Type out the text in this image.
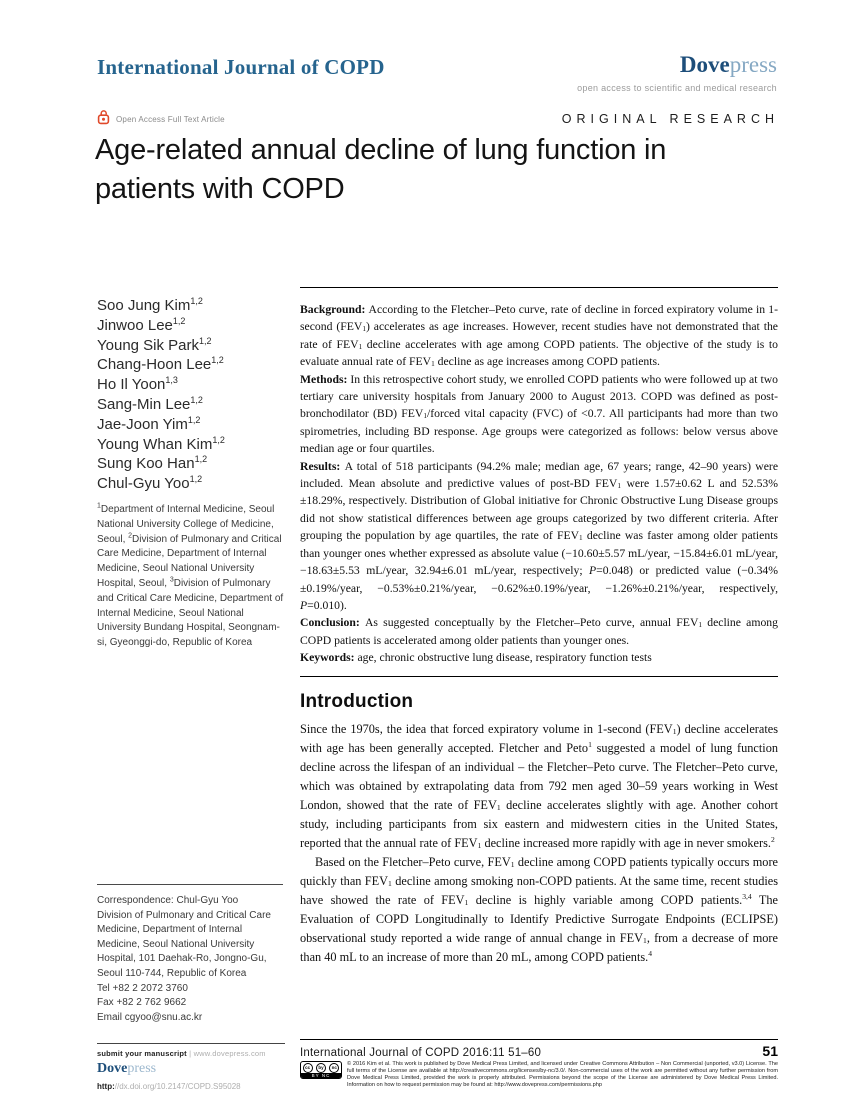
International Journal of COPD	Dovepress
open access to scientific and medical research
Open Access Full Text Article	ORIGINAL RESEARCH
Age-related annual decline of lung function in patients with COPD
Soo Jung Kim$^{1,2}$
Jinwoo Lee$^{1,2}$
Young Sik Park$^{1,2}$
Chang-Hoon Lee$^{1,2}$
Ho Il Yoon$^{1,3}$
Sang-Min Lee$^{1,2}$
Jae-Joon Yim$^{1,2}$
Young Whan Kim$^{1,2}$
Sung Koo Han$^{1,2}$
Chul-Gyu Yoo$^{1,2}$

$^1$Department of Internal Medicine, Seoul National University College of Medicine, Seoul, $^2$Division of Pulmonary and Critical Care Medicine, Department of Internal Medicine, Seoul National University Hospital, Seoul, $^3$Division of Pulmonary and Critical Care Medicine, Department of Internal Medicine, Seoul National University Bundang Hospital, Seongnam-si, Gyeonggi-do, Republic of Korea

Correspondence: Chul-Gyu Yoo
Division of Pulmonary and Critical Care Medicine, Department of Internal Medicine, Seoul National University Hospital, 101 Daehak-Ro, Jongno-Gu, Seoul 110-744, Republic of Korea
Tel +82 2 2072 3760
Fax +82 2 762 9662
Email cgyoo@snu.ac.kr

Background: According to the Fletcher–Peto curve, rate of decline in forced expiratory volume in 1-second $(FEV_1)$ accelerates as age increases. However, recent studies have not demonstrated that the rate of $FEV_1$ decline accelerates with age among COPD patients. The objective of the study is to evaluate annual rate of $FEV_1$ decline as age increases among COPD patients.

Methods: In this retrospective cohort study, we enrolled COPD patients who were followed up at two tertiary care university hospitals from January 2000 to August 2013. COPD was defined as post-bronchodilator (BD) $FEV_1$/forced vital capacity (FVC) of <0.7. All participants had more than two spirometries, including BD response. Age groups were categorized as follows: below versus above median age or four quartiles.

Results: A total of 518 participants (94.2% male; median age, 67 years; range, 42–90 years) were included. Mean absolute and predictive values of post-BD $FEV_1$ were 1.57±0.62 L and 52.53%±18.29%, respectively. Distribution of Global initiative for Chronic Obstructive Lung Disease groups did not show statistical differences between age groups categorized by two different criteria. After grouping the population by age quartiles, the rate of $FEV_1$ decline was faster among older patients than younger ones whether expressed as absolute value (−10.60±5.57 mL/year, −15.84±6.01 mL/year, −18.63±5.53 mL/year, 32.94±6.01 mL/year, respectively; P=0.048) or predicted value (−0.34%±0.19%/year, −0.53%±0.21%/year, −0.62%±0.19%/year, −1.26%±0.21%/year, respectively, P=0.010).

Conclusion: As suggested conceptually by the Fletcher–Peto curve, annual $FEV_1$ decline among COPD patients is accelerated among older patients than younger ones.

Keywords: age, chronic obstructive lung disease, respiratory function tests

Introduction

Since the 1970s, the idea that forced expiratory volume in 1-second $(FEV_1)$ decline accelerates with age has been generally accepted. Fletcher and Peto$^1$ suggested a model of lung function decline across the lifespan of an individual – the Fletcher–Peto curve. The Fletcher–Peto curve, which was obtained by extrapolating data from 792 men aged 30–59 years working in West London, showed that the rate of $FEV_1$ decline accelerates slightly with age. Another cohort study, including participants from six eastern and midwestern cities in the United States, reported that the annual rate of $FEV_1$ decline increased more rapidly with age in never smokers.$^2$

Based on the Fletcher–Peto curve, $FEV_1$ decline among COPD patients typically occurs more quickly than $FEV_1$ decline among smoking non-COPD patients. At the same time, recent studies have showed the rate of $FEV_1$ decline is highly variable among COPD patients.$^{3,4}$ The Evaluation of COPD Longitudinally to Identify Predictive Surrogate Endpoints (ECLIPSE) observational study reported a wide range of annual change in $FEV_1$, from a decrease of more than 40 mL to an increase of more than 20 mL, among COPD patients.$^4$

submit your manuscript | www.dovepress.com
Dovepress
http://dx.doi.org/10.2147/COPD.S95028
International Journal of COPD 2016:11 51–60	51
cc	by	nc
BY NC
© 2016 Kim et al. This work is published by Dove Medical Press Limited, and licensed under Creative Commons Attribution – Non Commercial (unported, v3.0) License. The full terms of the License are available at http://creativecommons.org/licenses/by-nc/3.0/. Non-commercial uses of the work are permitted without any further permission from Dove Medical Press Limited, provided the work is properly attributed. Permissions beyond the scope of the License are administered by Dove Medical Press Limited. Information on how to request permission may be found at: http://www.dovepress.com/permissions.php
